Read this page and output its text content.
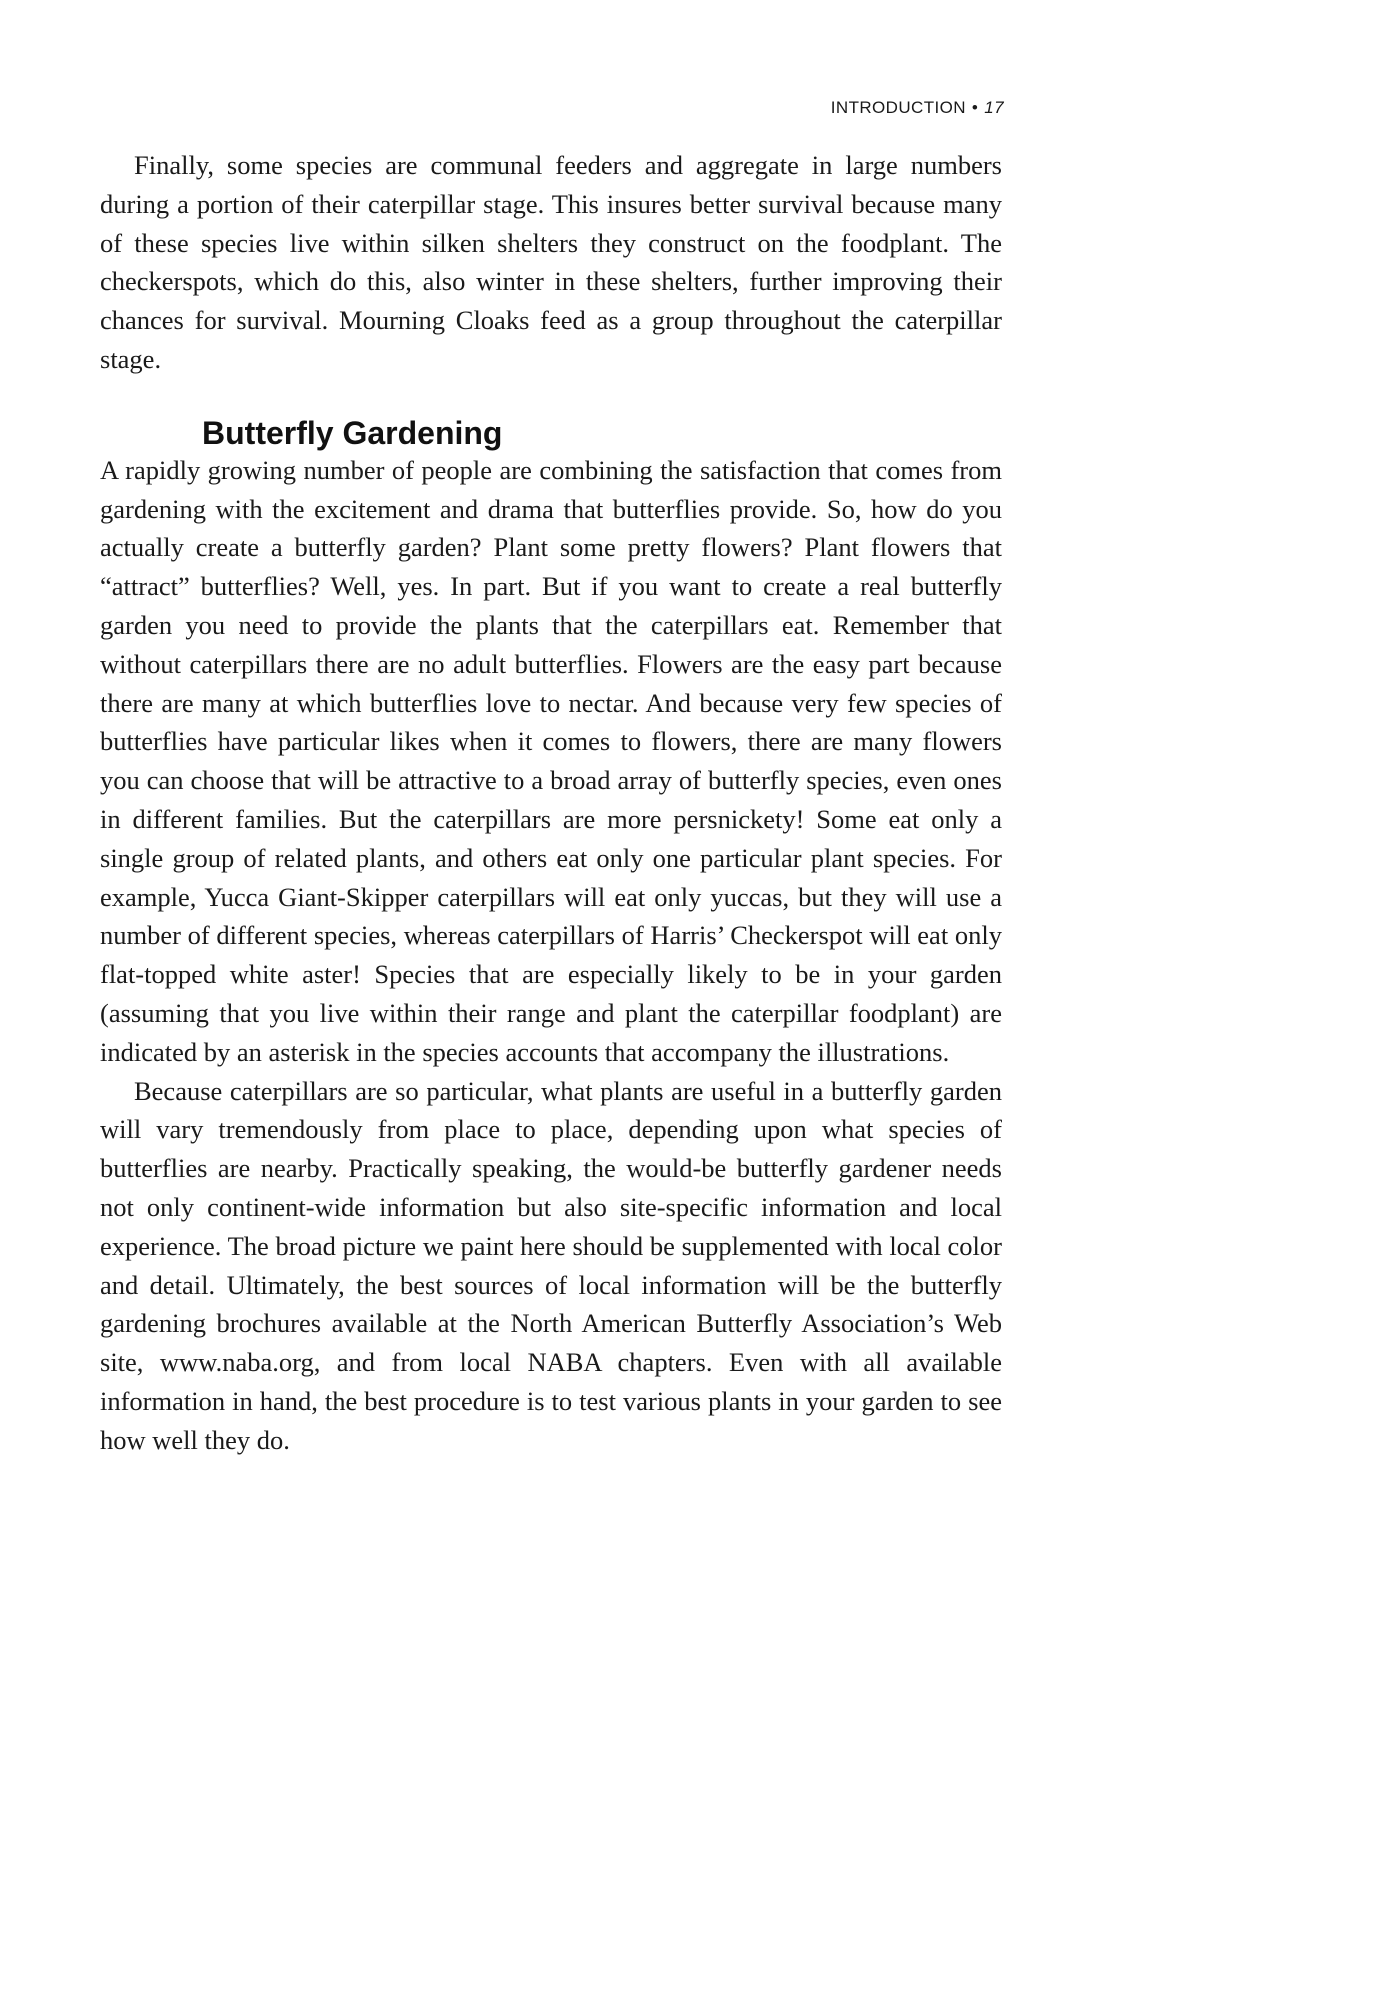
INTRODUCTION • 17

Finally, some species are communal feeders and aggregate in large numbers during a portion of their caterpillar stage. This insures better survival because many of these species live within silken shelters they construct on the foodplant. The checkerspots, which do this, also winter in these shelters, further improving their chances for survival. Mourning Cloaks feed as a group throughout the caterpillar stage.

Butterfly Gardening

A rapidly growing number of people are combining the satisfaction that comes from gardening with the excitement and drama that butterflies provide. So, how do you actually create a butterfly garden? Plant some pretty flowers? Plant flowers that “attract” butterflies? Well, yes. In part. But if you want to create a real butterfly garden you need to provide the plants that the caterpillars eat. Remember that without caterpillars there are no adult butterflies. Flowers are the easy part because there are many at which butterflies love to nectar. And because very few species of butterflies have particular likes when it comes to flowers, there are many flowers you can choose that will be attractive to a broad array of butterfly species, even ones in different families. But the caterpillars are more persnickety! Some eat only a single group of related plants, and others eat only one particular plant species. For example, Yucca Giant-Skipper caterpillars will eat only yuccas, but they will use a number of different species, whereas caterpillars of Harris’ Checkerspot will eat only flat-topped white aster! Species that are especially likely to be in your garden (assuming that you live within their range and plant the caterpillar foodplant) are indicated by an asterisk in the species accounts that accompany the illustrations.

Because caterpillars are so particular, what plants are useful in a butterfly garden will vary tremendously from place to place, depending upon what species of butterflies are nearby. Practically speaking, the would-be butterfly gardener needs not only continent-wide information but also site-specific information and local experience. The broad picture we paint here should be supplemented with local color and detail. Ultimately, the best sources of local information will be the butterfly gardening brochures available at the North American Butterfly Association’s Web site, www.naba.org, and from local NABA chapters. Even with all available information in hand, the best procedure is to test various plants in your garden to see how well they do.
